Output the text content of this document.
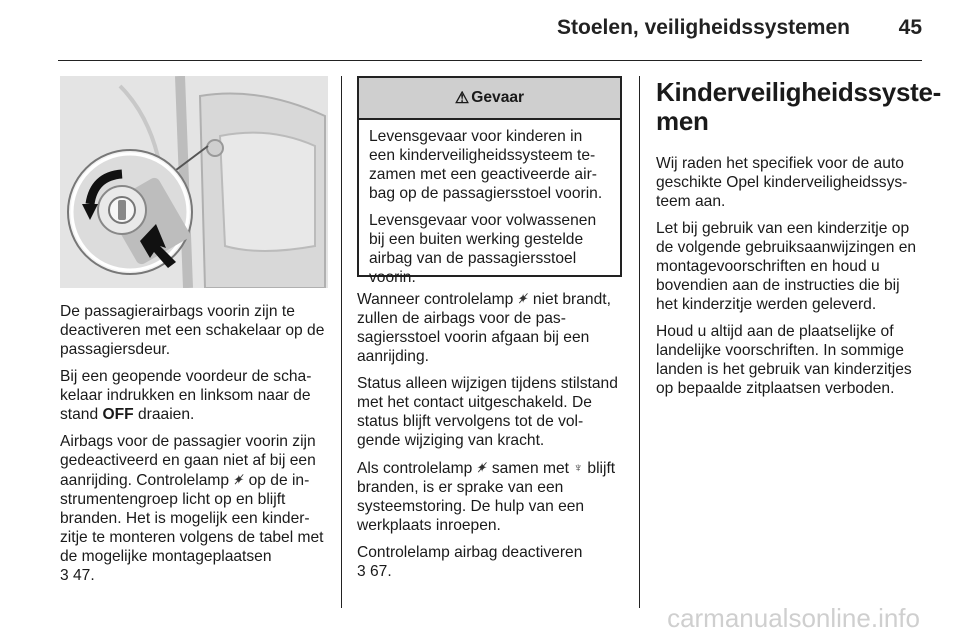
Stoelen, veiligheidssystemen 45

De passagierairbags voorin zijn te deactiveren met een schakelaar op de passagiersdeur.

Bij een geopende voordeur de scha-kelaar indrukken en linksom naar de stand OFF draaien.

Airbags voor de passagier voorin zijn gedeactiveerd en gaan niet af bij een aanrijding. Controlelamp ✦̸ op de in-strumentengroep licht op en blijft branden. Het is mogelijk een kinder-zitje te monteren volgens de tabel met de mogelijke montageplaatsen
3 47.

⚠ Gevaar

Levensgevaar voor kinderen in een kinderveiligheidssysteem te-zamen met een geactiveerde air-bag op de passagiersstoel voorin.

Levensgevaar voor volwassenen bij een buiten werking gestelde airbag van de passagiersstoel voorin.

Wanneer controlelamp ✦̸ niet brandt, zullen de airbags voor de pas-sagiersstoel voorin afgaan bij een aanrijding.

Status alleen wijzigen tijdens stilstand met het contact uitgeschakeld. De status blijft vervolgens tot de vol-gende wijziging van kracht.

Als controlelamp ✦̸ samen met ♆ blijft branden, is er sprake van een systeemstoring. De hulp van een werkplaats inroepen.

Controlelamp airbag deactiveren
3 67.

Kinderveiligheidssyste-men

Wij raden het specifiek voor de auto geschikte Opel kinderveiligheidssys-teem aan.

Let bij gebruik van een kinderzitje op de volgende gebruiksaanwijzingen en montagevoorschriften en houd u bovendien aan de instructies die bij het kinderzitje werden geleverd.

Houd u altijd aan de plaatselijke of landelijke voorschriften. In sommige landen is het gebruik van kinderzitjes op bepaalde zitplaatsen verboden.

carmanualsonline.info
